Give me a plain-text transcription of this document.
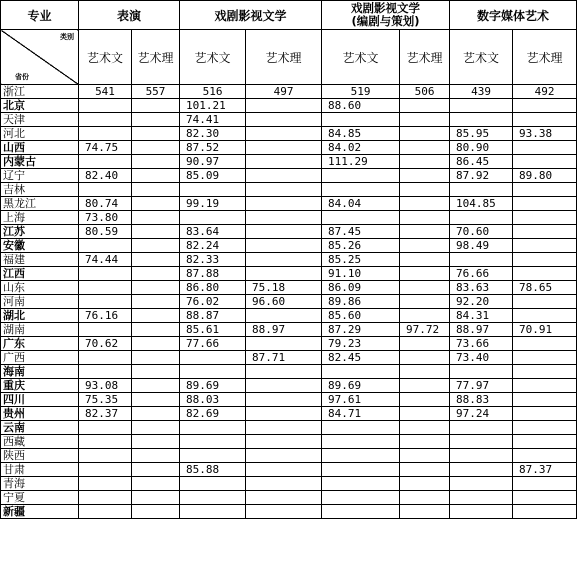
专业	表演		戏剧影视文学		戏剧影视文学
(编剧与策划)		数字媒体艺术	

类别
省份	艺术文	艺术理	艺术文	艺术理	艺术文	艺术理	艺术文	艺术理
浙江	541	557	516	497	519	506	439	492
北京			101.21		88.60			
天津			74.41					
河北			82.30		84.85		85.95	93.38
山西	74.75		87.52		84.02		80.90	
内蒙古			90.97		111.29		86.45	
辽宁	82.40		85.09				87.92	89.80
吉林								
黑龙江	80.74		99.19		84.04		104.85	
上海	73.80							
江苏	80.59		83.64		87.45		70.60	
安徽			82.24		85.26		98.49	
福建	74.44		82.33		85.25			
江西			87.88		91.10		76.66	
山东			86.80	75.18	86.09		83.63	78.65
河南			76.02	96.60	89.86		92.20	
湖北	76.16		88.87		85.60		84.31	
湖南			85.61	88.97	87.29	97.72	88.97	70.91
广东	70.62		77.66		79.23		73.66	
广西				87.71	82.45		73.40	
海南								
重庆	93.08		89.69		89.69		77.97	
四川	75.35		88.03		97.61		88.83	
贵州	82.37		82.69		84.71		97.24	
云南								
西藏								
陕西								
甘肃			85.88					87.37
青海								
宁夏								
新疆								
